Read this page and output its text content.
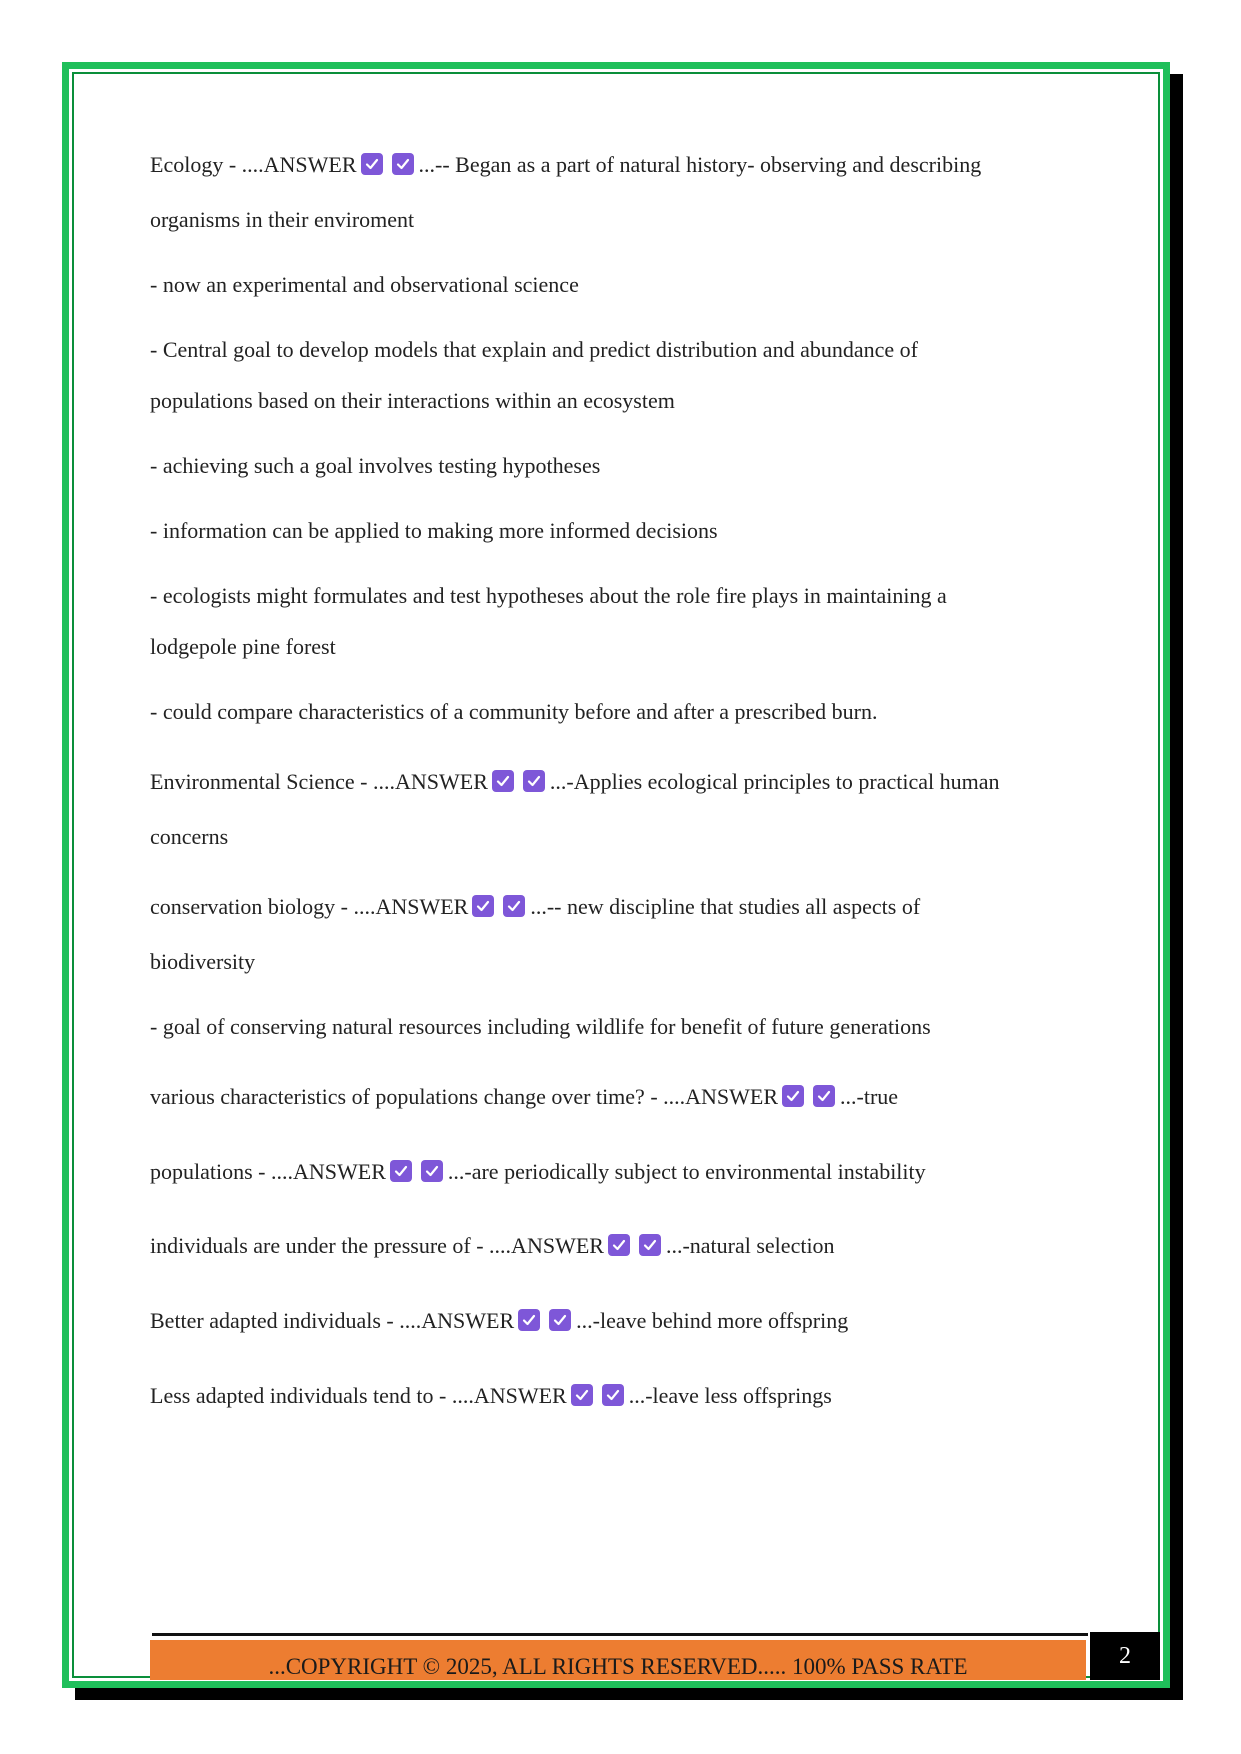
Ecology - ....ANSWER	...-- Began as a part of natural history- observing and describing
organisms in their enviroment
- now an experimental and observational science
- Central goal to develop models that explain and predict distribution and abundance of
populations based on their interactions within an ecosystem
- achieving such a goal involves testing hypotheses
- information can be applied to making more informed decisions
- ecologists might formulates and test hypotheses about the role fire plays in maintaining a
lodgepole pine forest
- could compare characteristics of a community before and after a prescribed burn.
Environmental Science - ....ANSWER	...-Applies ecological principles to practical human
concerns
conservation biology - ....ANSWER	...-- new discipline that studies all aspects of
biodiversity
- goal of conserving natural resources including wildlife for benefit of future generations
various characteristics of populations change over time? - ....ANSWER	...-true
populations - ....ANSWER	...-are periodically subject to environmental instability
individuals are under the pressure of - ....ANSWER	...-natural selection
Better adapted individuals - ....ANSWER	...-leave behind more offspring
Less adapted individuals tend to - ....ANSWER	...-leave less offsprings
...COPYRIGHT © 2025, ALL RIGHTS RESERVED..... 100% PASS RATE	2
